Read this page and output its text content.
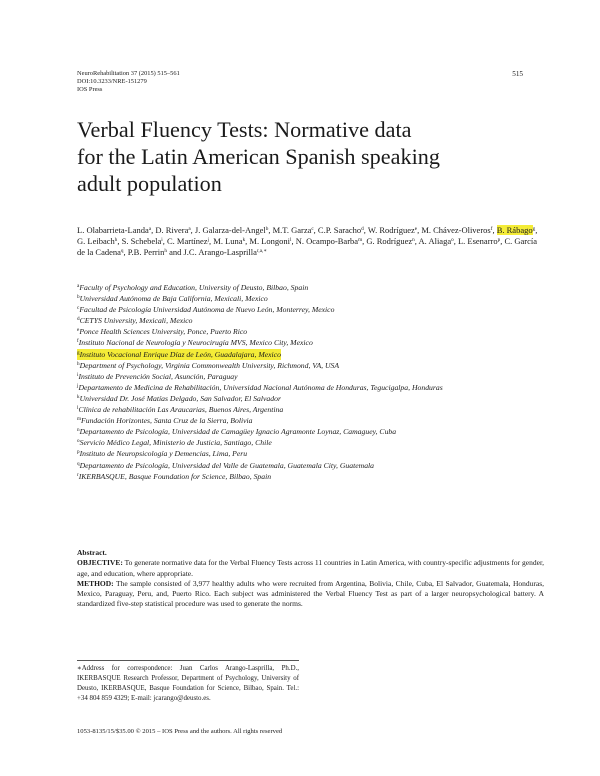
NeuroRehabilitation 37 (2015) 515–561
DOI:10.3233/NRE-151279
IOS Press
515
Verbal Fluency Tests: Normative data
for the Latin American Spanish speaking
adult population
L. Olabarrieta-Landa$^a$, D. Rivera$^a$, J. Galarza-del-Angel$^b$, M.T. Garza$^c$, C.P. Saracho$^d$, W. Rodríguez$^e$, M. Chávez-Oliveros$^f$, B. Rábago$^g$, G. Leibach$^h$, S. Schebela$^i$, C. Martínez$^j$, M. Luna$^k$, M. Longoni$^l$, N. Ocampo-Barba$^m$, G. Rodríguez$^n$, A. Aliaga$^o$, L. Esenarro$^p$, C. García de la Cadena$^q$, P.B. Perrin$^h$ and J.C. Arango-Lasprilla$^{r,a,∗}$
$^a$Faculty of Psychology and Education, University of Deusto, Bilbao, Spain
$^b$Universidad Autónoma de Baja California, Mexicali, Mexico
$^c$Facultad de Psicología Universidad Autónoma de Nuevo León, Monterrey, Mexico
$^d$CETYS University, Mexicali, Mexico
$^e$Ponce Health Sciences University, Ponce, Puerto Rico
$^f$Instituto Nacional de Neurología y Neurocirugía MVS, Mexico City, Mexico
$^g$Instituto Vocacional Enrique Díaz de León, Guadalajara, Mexico
$^h$Department of Psychology, Virginia Commonwealth University, Richmond, VA, USA
$^i$Instituto de Prevención Social, Asunción, Paraguay
$^j$Departamento de Medicina de Rehabilitación, Universidad Nacional Autónoma de Honduras, Tegucigalpa, Honduras
$^k$Universidad Dr. José Matías Delgado, San Salvador, El Salvador
$^l$Clínica de rehabilitación Las Araucarias, Buenos Aires, Argentina
$^m$Fundación Horizontes, Santa Cruz de la Sierra, Bolivia
$^n$Departamento de Psicología, Universidad de Camagüey Ignacio Agramonte Loynaz, Camaguey, Cuba
$^o$Servicio Médico Legal, Ministerio de Justicia, Santiago, Chile
$^p$Instituto de Neuropsicología y Demencias, Lima, Peru
$^q$Departamento de Psicología, Universidad del Valle de Guatemala, Guatemala City, Guatemala
$^r$IKERBASQUE, Basque Foundation for Science, Bilbao, Spain

Abstract.

OBJECTIVE: To generate normative data for the Verbal Fluency Tests across 11 countries in Latin America, with country-specific adjustments for gender, age, and education, where appropriate.

METHOD: The sample consisted of 3,977 healthy adults who were recruited from Argentina, Bolivia, Chile, Cuba, El Salvador, Guatemala, Honduras, Mexico, Paraguay, Peru, and, Puerto Rico. Each subject was administered the Verbal Fluency Test as part of a larger neuropsychological battery. A standardized five-step statistical procedure was used to generate the norms.

∗Address for correspondence: Juan Carlos Arango-Lasprilla, Ph.D., IKERBASQUE Research Professor, Department of Psychology, University of Deusto, IKERBASQUE, Basque Foundation for Science, Bilbao, Spain. Tel.: +34 804 859 4329; E-mail: jcarango@deusto.es.
1053-8135/15/$35.00 © 2015 – IOS Press and the authors. All rights reserved
